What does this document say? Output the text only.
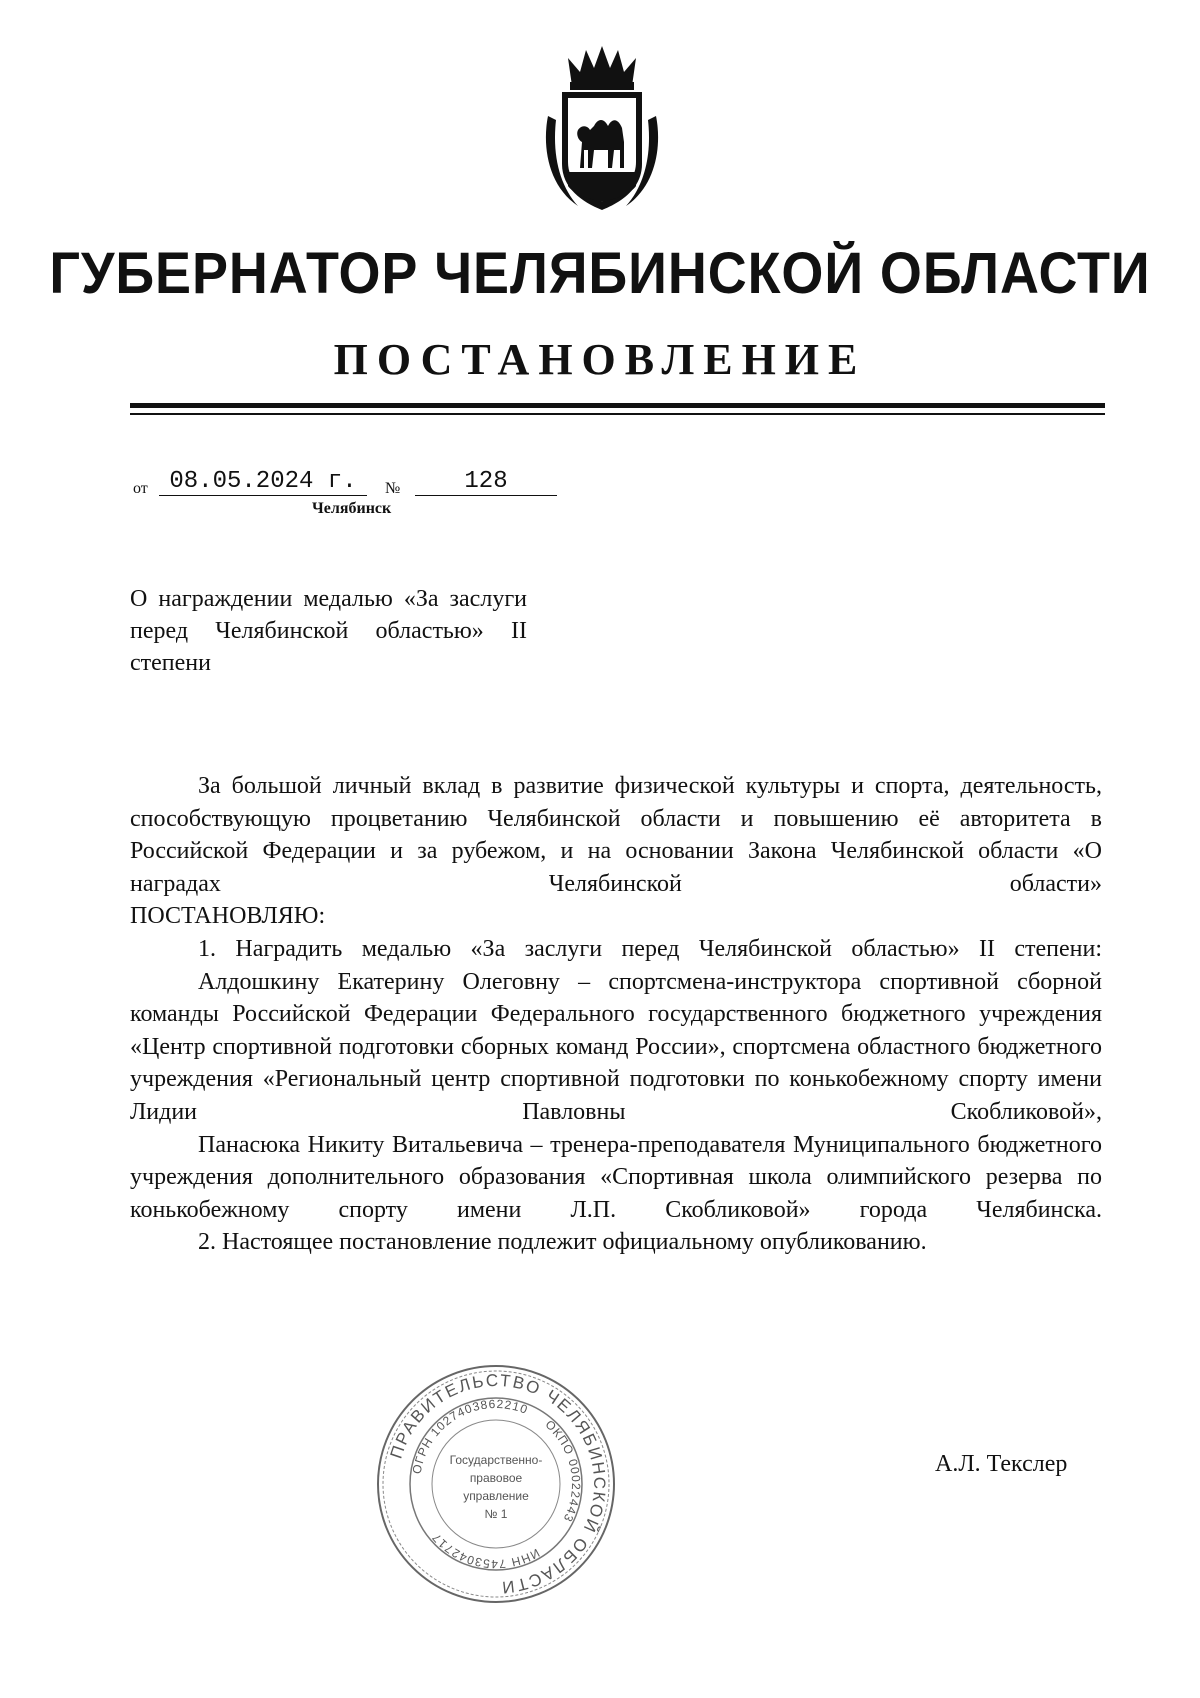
ГУБЕРНАТОР ЧЕЛЯБИНСКОЙ ОБЛАСТИ
ПОСТАНОВЛЕНИЕ
от 08.05.2024 г.	№	128
Челябинск
О награждении медалью «За заслуги перед Челябинской областью» II степени

За большой личный вклад в развитие физической культуры и спорта, деятельность, способствующую процветанию Челябинской области и повышению её авторитета в Российской Федерации и за рубежом, и на основании Закона Челябинской области «О наградах Челябинской области»

ПОСТАНОВЛЯЮ:

1. Наградить медалью «За заслуги перед Челябинской областью» II степени:

Алдошкину Екатерину Олеговну – спортсмена-инструктора спортивной сборной команды Российской Федерации Федерального государственного бюджетного учреждения «Центр спортивной подготовки сборных команд России», спортсмена областного бюджетного учреждения «Региональный центр спортивной подготовки по конькобежному спорту имени Лидии Павловны Скобликовой»,

Панасюка Никиту Витальевича – тренера-преподавателя Муниципального бюджетного учреждения дополнительного образования «Спортивная школа олимпийского резерва по конькобежному спорту имени Л.П. Скобликовой» города Челябинска.

2. Настоящее постановление подлежит официальному опубликованию.

ПРАВИТЕЛЬСТВО ЧЕЛЯБИНСКОЙ ОБЛАСТИ
ОГРН 1027403862210
ОКПО 00022443
ИНН 7453042717
Государственно-
правовое
управление
№ 1
А.Л. Текслер
